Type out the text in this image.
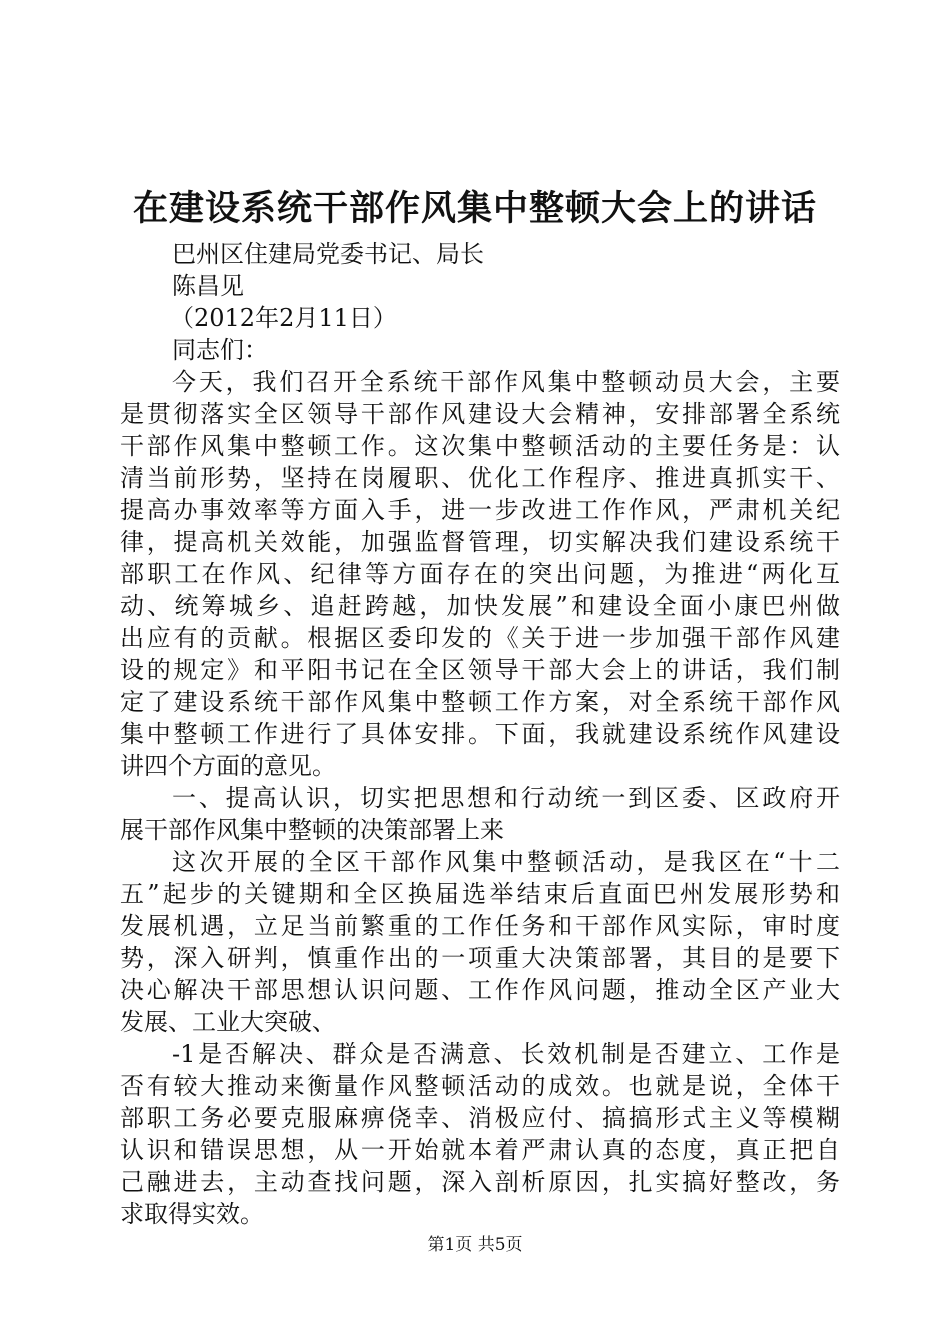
在建设系统干部作风集中整顿大会上的讲话
巴州区住建局党委书记、局长
陈昌见
（2012年2月11日）
同志们：
今天，我们召开全系统干部作风集中整顿动员大会，主要
是贯彻落实全区领导干部作风建设大会精神，安排部署全系统
干部作风集中整顿工作。这次集中整顿活动的主要任务是：认
清当前形势，坚持在岗履职、优化工作程序、推进真抓实干、
提高办事效率等方面入手，进一步改进工作作风，严肃机关纪
律，提高机关效能，加强监督管理，切实解决我们建设系统干
部职工在作风、纪律等方面存在的突出问题，为推进“两化互
动、统筹城乡、追赶跨越，加快发展”和建设全面小康巴州做
出应有的贡献。根据区委印发的《关于进一步加强干部作风建
设的规定》和平阳书记在全区领导干部大会上的讲话，我们制
定了建设系统干部作风集中整顿工作方案，对全系统干部作风
集中整顿工作进行了具体安排。下面，我就建设系统作风建设
讲四个方面的意见。
一、提高认识，切实把思想和行动统一到区委、区政府开
展干部作风集中整顿的决策部署上来
这次开展的全区干部作风集中整顿活动，是我区在“十二
五”起步的关键期和全区换届选举结束后直面巴州发展形势和
发展机遇，立足当前繁重的工作任务和干部作风实际，审时度
势，深入研判，慎重作出的一项重大决策部署，其目的是要下
决心解决干部思想认识问题、工作作风问题，推动全区产业大
发展、工业大突破、
-1是否解决、群众是否满意、长效机制是否建立、工作是
否有较大推动来衡量作风整顿活动的成效。也就是说，全体干
部职工务必要克服麻痹侥幸、消极应付、搞搞形式主义等模糊
认识和错误思想，从一开始就本着严肃认真的态度，真正把自
己融进去，主动查找问题，深入剖析原因，扎实搞好整改，务
求取得实效。
第1页 共5页
